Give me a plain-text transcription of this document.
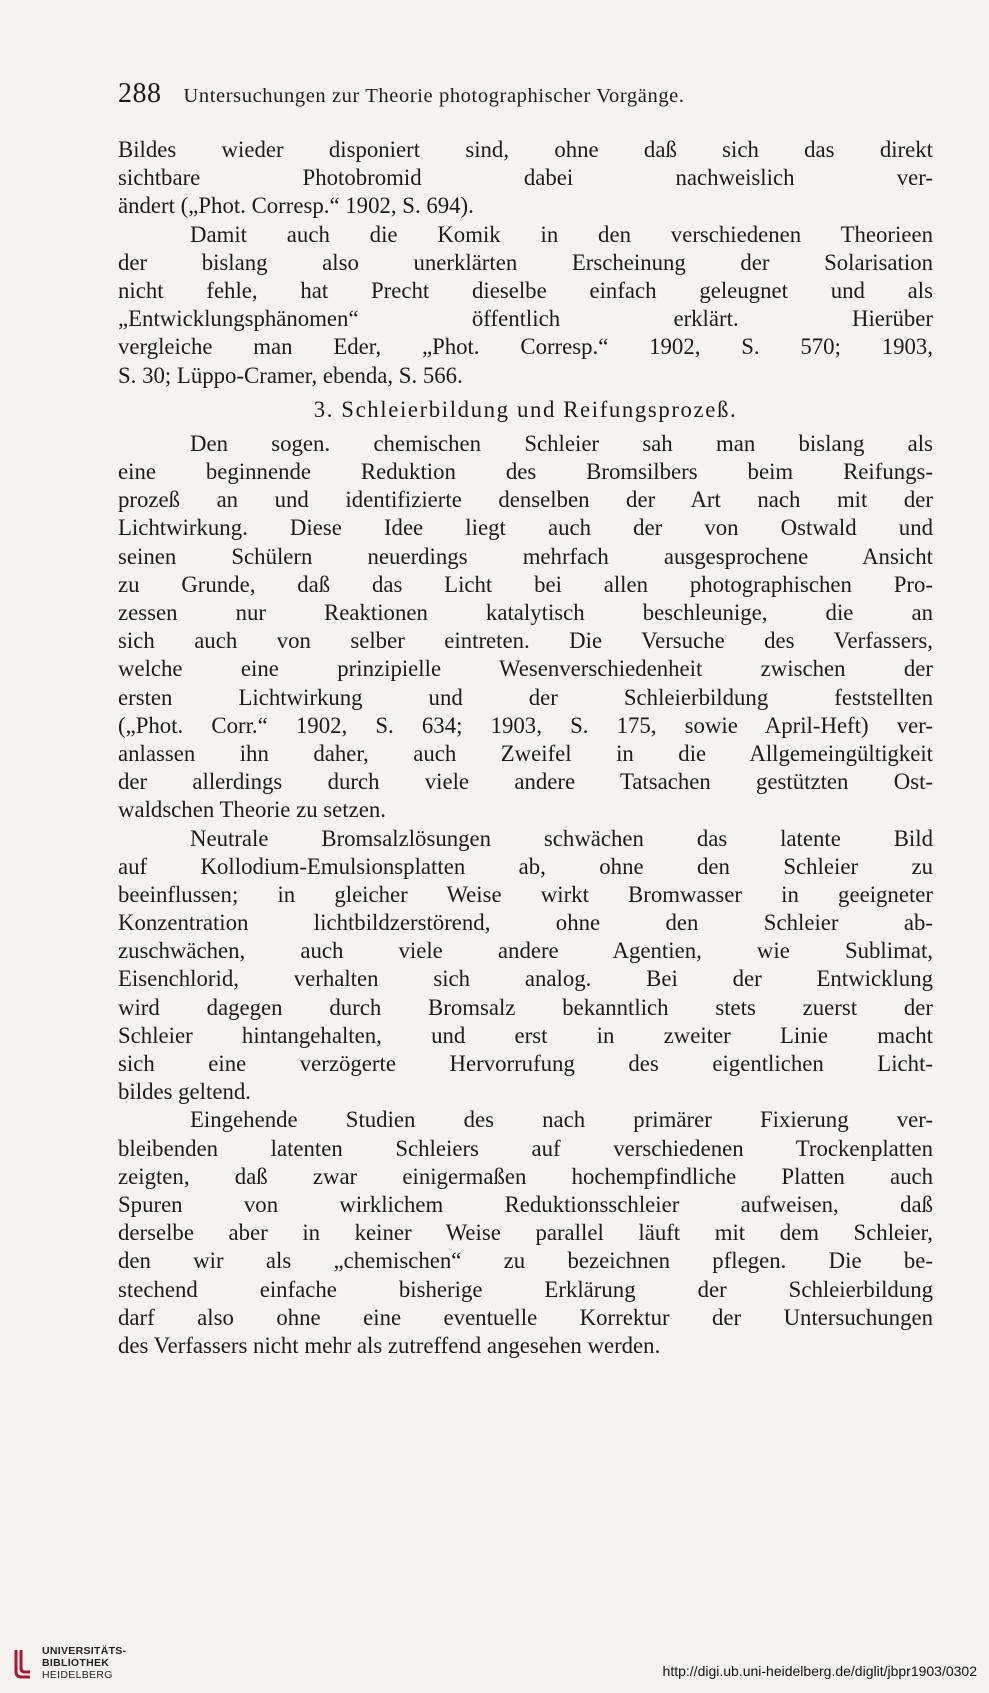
288 Untersuchungen zur Theorie photographischer Vorgänge.
Bildes wieder disponiert sind, ohne daß sich das direkt
sichtbare Photobromid dabei nachweislich ver-
ändert („Phot. Corresp.“ 1902, S. 694).
Damit auch die Komik in den verschiedenen Theorieen
der bislang also unerklärten Erscheinung der Solarisation
nicht fehle, hat Precht dieselbe einfach geleugnet und als
„Entwicklungsphänomen“ öffentlich erklärt. Hierüber
vergleiche man Eder, „Phot. Corresp.“ 1902, S. 570; 1903,
S. 30; Lüppo-Cramer, ebenda, S. 566.
3. Schleierbildung und Reifungsprozeß.
Den sogen. chemischen Schleier sah man bislang als
eine beginnende Reduktion des Bromsilbers beim Reifungs-
prozeß an und identifizierte denselben der Art nach mit der
Lichtwirkung. Diese Idee liegt auch der von Ostwald und
seinen Schülern neuerdings mehrfach ausgesprochene Ansicht
zu Grunde, daß das Licht bei allen photographischen Pro-
zessen nur Reaktionen katalytisch beschleunige, die an
sich auch von selber eintreten. Die Versuche des Verfassers,
welche eine prinzipielle Wesenverschiedenheit zwischen der
ersten Lichtwirkung und der Schleierbildung feststellten
(„Phot. Corr.“ 1902, S. 634; 1903, S. 175, sowie April-Heft) ver-
anlassen ihn daher, auch Zweifel in die Allgemeingültigkeit
der allerdings durch viele andere Tatsachen gestützten Ost-
waldschen Theorie zu setzen.
Neutrale Bromsalzlösungen schwächen das latente Bild
auf Kollodium-Emulsionsplatten ab, ohne den Schleier zu
beeinflussen; in gleicher Weise wirkt Bromwasser in geeigneter
Konzentration lichtbildzerstörend, ohne den Schleier ab-
zuschwächen, auch viele andere Agentien, wie Sublimat,
Eisenchlorid, verhalten sich analog. Bei der Entwicklung
wird dagegen durch Bromsalz bekanntlich stets zuerst der
Schleier hintangehalten, und erst in zweiter Linie macht
sich eine verzögerte Hervorrufung des eigentlichen Licht-
bildes geltend.
Eingehende Studien des nach primärer Fixierung ver-
bleibenden latenten Schleiers auf verschiedenen Trockenplatten
zeigten, daß zwar einigermaßen hochempfindliche Platten auch
Spuren von wirklichem Reduktionsschleier aufweisen, daß
derselbe aber in keiner Weise parallel läuft mit dem Schleier,
den wir als „chemischen“ zu bezeichnen pflegen. Die be-
stechend einfache bisherige Erklärung der Schleierbildung
darf also ohne eine eventuelle Korrektur der Untersuchungen
des Verfassers nicht mehr als zutreffend angesehen werden.
UNIVERSITÄTS-
BIBLIOTHEK
HEIDELBERG	http://digi.ub.uni-heidelberg.de/diglit/jbpr1903/0302
